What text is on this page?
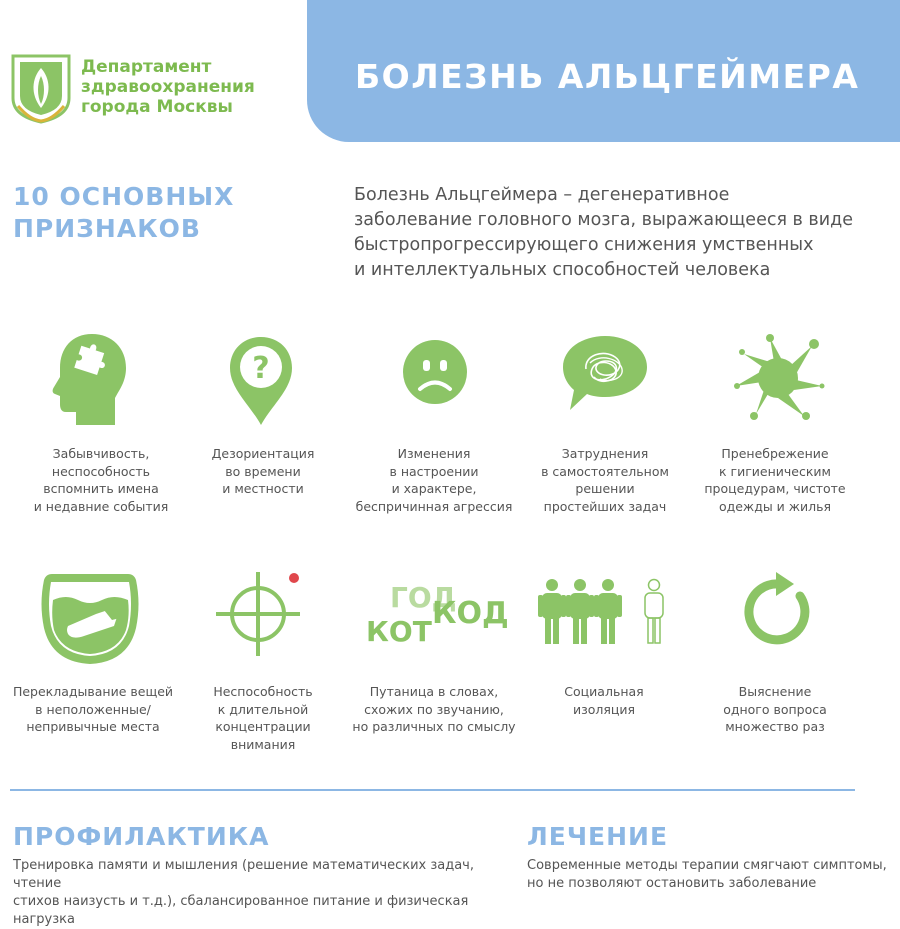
БОЛЕЗНЬ АЛЬЦГЕЙМЕРА
Департамент
здравоохранения
города Москвы
10 ОСНОВНЫХ
ПРИЗНАКОВ
Болезнь Альцгеймера – дегенеративное
заболевание головного мозга, выражающееся в виде
быстропрогрессирующего снижения умственных
и интеллектуальных способностей человека
?
Забывчивость,
неспособность
вспомнить имена
и недавние события
Дезориентация
во времени
и местности
Изменения
в настроении
и характере,
беспричинная агрессия
Затруднения
в самостоятельном
решении
простейших задач
Пренебрежение
к гигиеническим
процедурам, чистоте
одежды и жилья
ГОД
КОД
КОТ
Перекладывание вещей
в неположенные/
непривычные места
Неспособность
к длительной
концентрации
внимания
Путаница в словах,
схожих по звучанию,
но различных по смыслу
Социальная
изоляция
Выяснение
одного вопроса
множество раз
ПРОФИЛАКТИКА
Тренировка памяти и мышления (решение математических задач, чтение
стихов наизусть и т.д.), сбалансированное питание и физическая нагрузка
ЛЕЧЕНИЕ
Современные методы терапии смягчают симптомы,
но не позволяют остановить заболевание
